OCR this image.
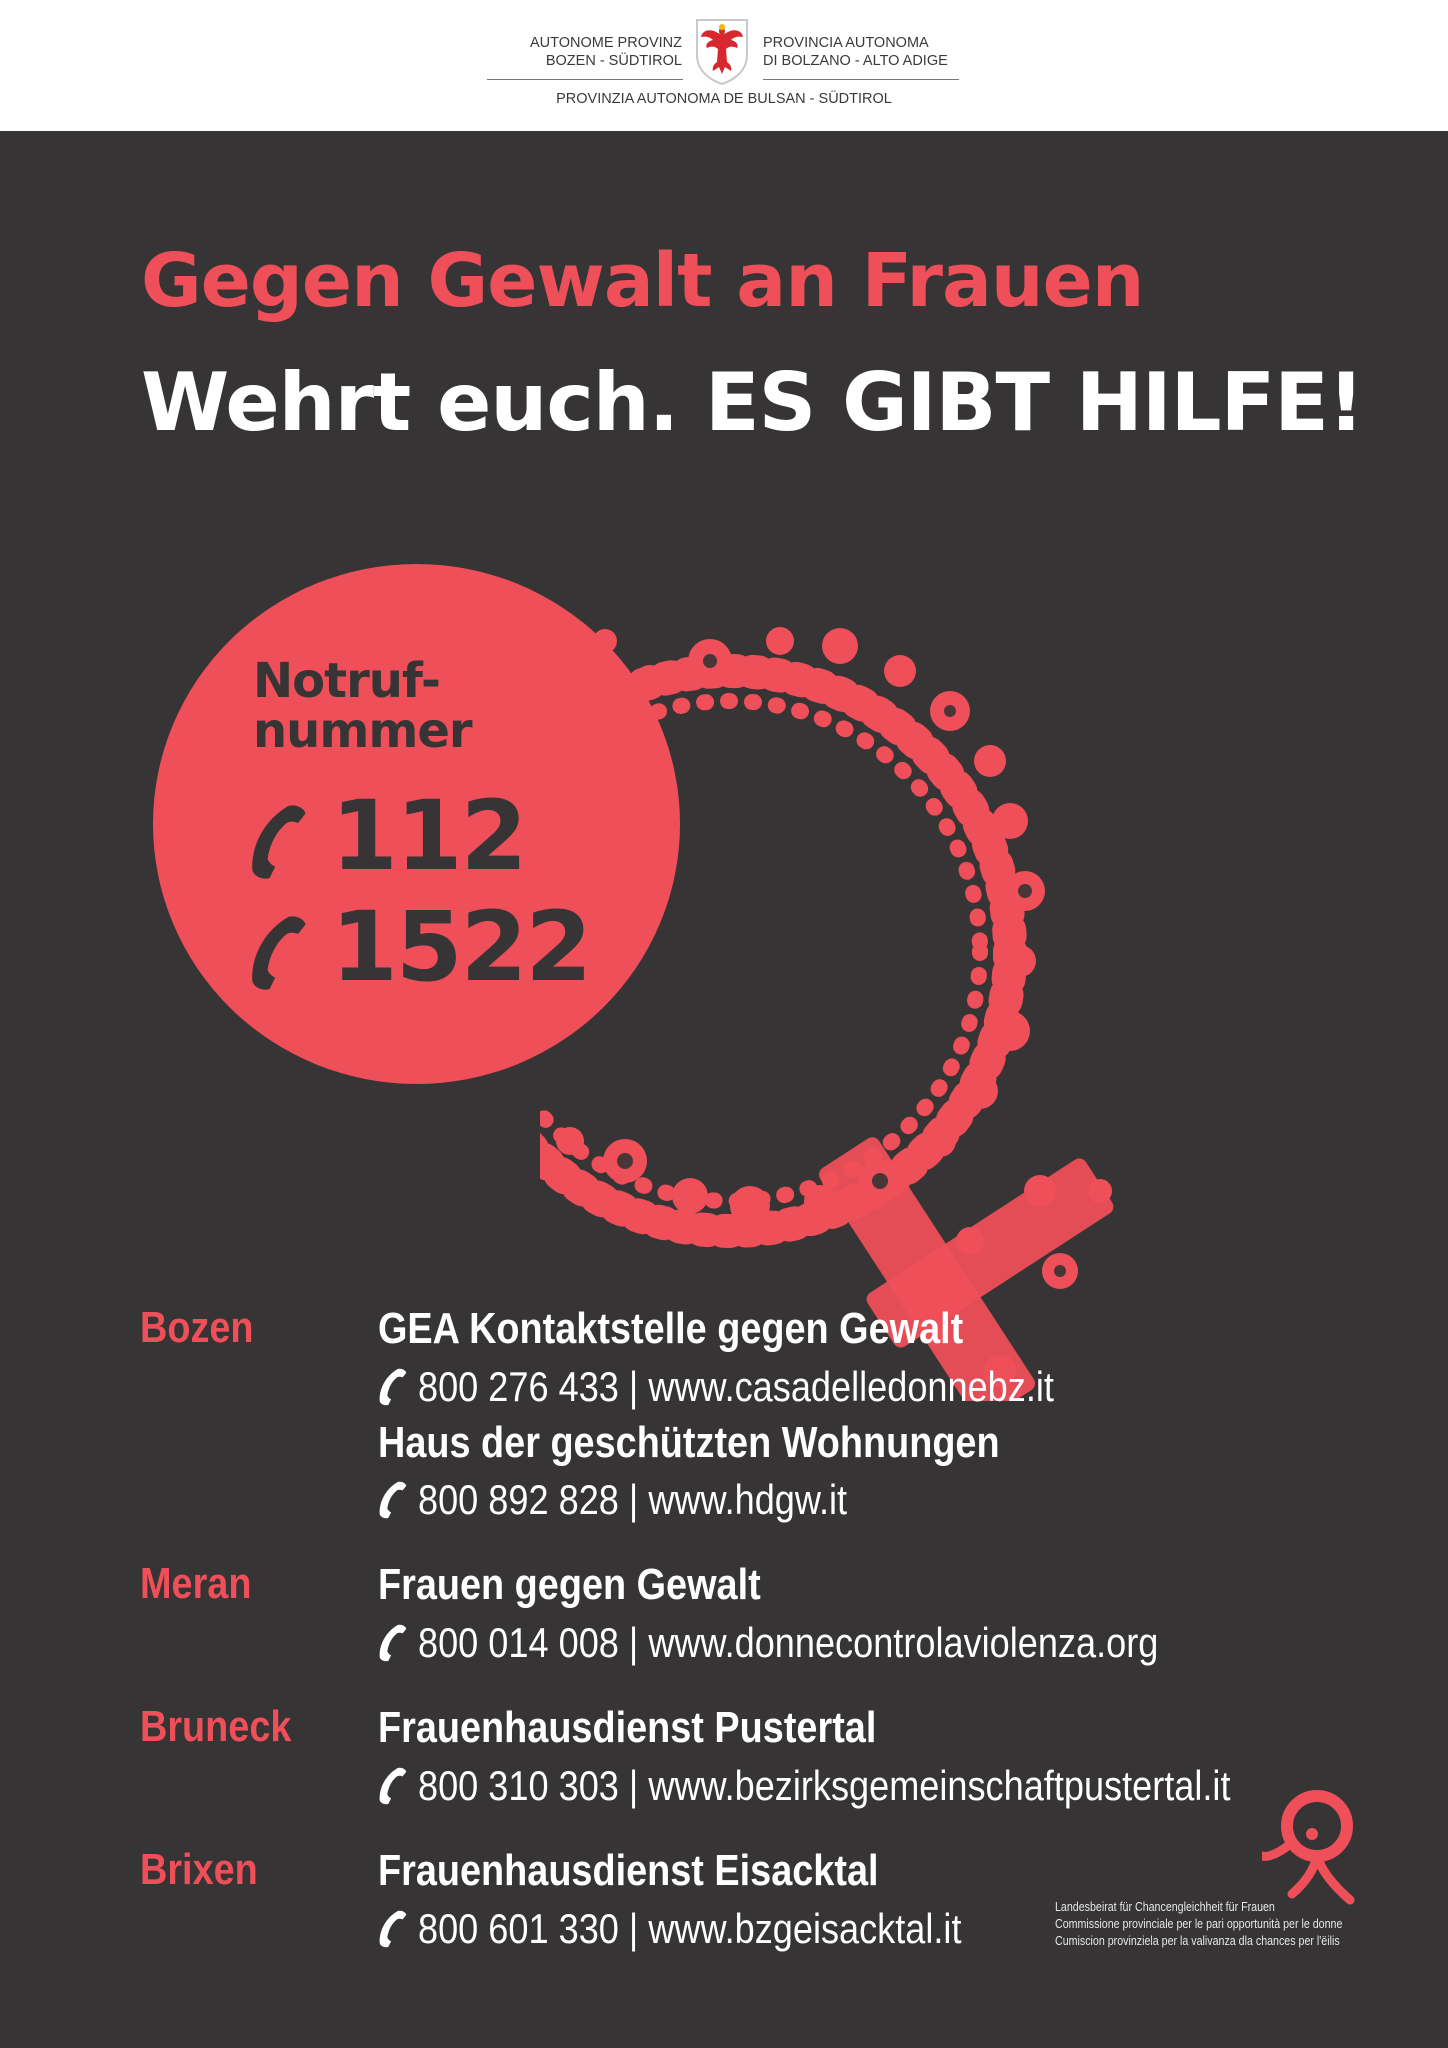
AUTONOME PROVINZ
BOZEN - SÜDTIROL
PROVINCIA AUTONOMA
DI BOLZANO - ALTO ADIGE
PROVINZIA AUTONOMA DE BULSAN - SÜDTIROL
Gegen Gewalt an Frauen
Wehrt euch. ES GIBT HILFE!
Notruf-
nummer
112
1522
Bozen	GEA Kontaktstelle gegen Gewalt
800 276 433 | www.casadelledonnebz.it
Haus der geschützten Wohnungen
800 892 828 | www.hdgw.it
Meran	Frauen gegen Gewalt
800 014 008 | www.donnecontrolaviolenza.org
Bruneck Frauenhausdienst Pustertal
800 310 303 | www.bezirksgemeinschaftpustertal.it
Brixen	Frauenhausdienst Eisacktal
800 601 330 | www.bzgeisacktal.it	Landesbeirat für Chancengleichheit für Frauen
Commissione provinciale per le pari opportunità per le donne
Cumiscion provinziela per la valivanza dla chances per l'ëilis
